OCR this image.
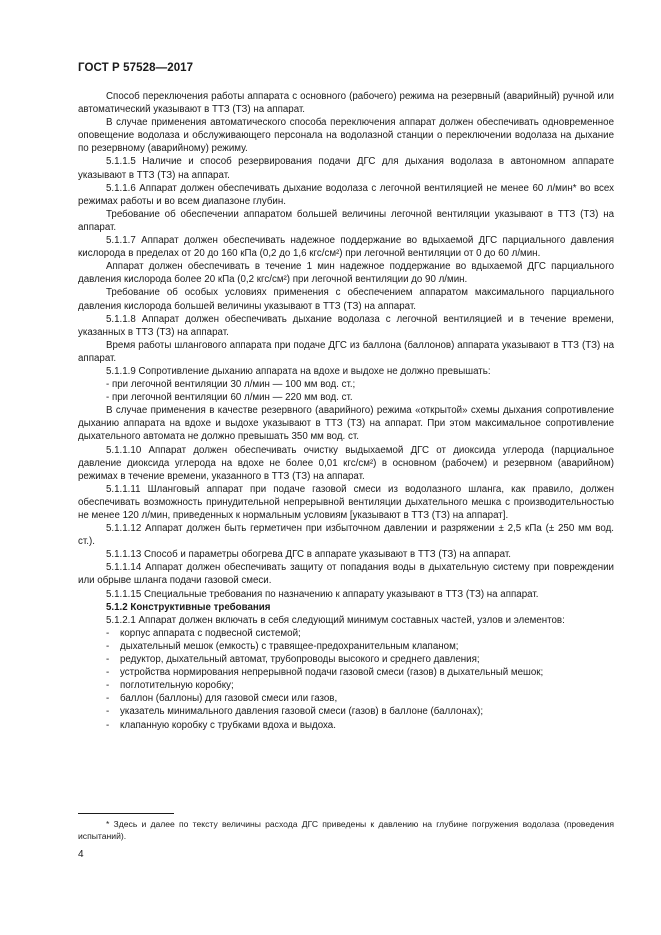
ГОСТ Р 57528—2017

Способ переключения работы аппарата с основного (рабочего) режима на резервный (аварийный) ручной или автоматический указывают в ТТЗ (ТЗ) на аппарат.

В случае применения автоматического способа переключения аппарат должен обеспечивать одновременное оповещение водолаза и обслуживающего персонала на водолазной станции о переключении водолаза на дыхание по резервному (аварийному) режиму.

5.1.1.5 Наличие и способ резервирования подачи ДГС для дыхания водолаза в автономном аппарате указывают в ТТЗ (ТЗ) на аппарат.

5.1.1.6 Аппарат должен обеспечивать дыхание водолаза с легочной вентиляцией не менее 60 л/мин* во всех режимах работы и во всем диапазоне глубин.

Требование об обеспечении аппаратом большей величины легочной вентиляции указывают в ТТЗ (ТЗ) на аппарат.

5.1.1.7 Аппарат должен обеспечивать надежное поддержание во вдыхаемой ДГС парциального давления кислорода в пределах от 20 до 160 кПа (0,2 до 1,6 кгс/см²) при легочной вентиляции от 0 до 60 л/мин.

Аппарат должен обеспечивать в течение 1 мин надежное поддержание во вдыхаемой ДГС парциального давления кислорода более 20 кПа (0,2 кгс/см²) при легочной вентиляции до 90 л/мин.

Требование об особых условиях применения с обеспечением аппаратом максимального парциального давления кислорода большей величины указывают в ТТЗ (ТЗ) на аппарат.

5.1.1.8 Аппарат должен обеспечивать дыхание водолаза с легочной вентиляцией и в течение времени, указанных в ТТЗ (ТЗ) на аппарат.

Время работы шлангового аппарата при подаче ДГС из баллона (баллонов) аппарата указывают в ТТЗ (ТЗ) на аппарат.

5.1.1.9 Сопротивление дыханию аппарата на вдохе и выдохе не должно превышать:

- при легочной вентиляции 30 л/мин — 100 мм вод. ст.;

- при легочной вентиляции 60 л/мин — 220 мм вод. ст.

В случае применения в качестве резервного (аварийного) режима «открытой» схемы дыхания сопротивление дыханию аппарата на вдохе и выдохе указывают в ТТЗ (ТЗ) на аппарат. При этом максимальное сопротивление дыхательного автомата не должно превышать 350 мм вод. ст.

5.1.1.10 Аппарат должен обеспечивать очистку выдыхаемой ДГС от диоксида углерода (парциальное давление диоксида углерода на вдохе не более 0,01 кгс/см²) в основном (рабочем) и резервном (аварийном) режимах в течение времени, указанного в ТТЗ (ТЗ) на аппарат.

5.1.1.11 Шланговый аппарат при подаче газовой смеси из водолазного шланга, как правило, должен обеспечивать возможность принудительной непрерывной вентиляции дыхательного мешка с производительностью не менее 120 л/мин, приведенных к нормальным условиям [указывают в ТТЗ (ТЗ) на аппарат].

5.1.1.12 Аппарат должен быть герметичен при избыточном давлении и разряжении ± 2,5 кПа (± 250 мм вод. ст.).

5.1.1.13 Способ и параметры обогрева ДГС в аппарате указывают в ТТЗ (ТЗ) на аппарат.

5.1.1.14 Аппарат должен обеспечивать защиту от попадания воды в дыхательную систему при повреждении или обрыве шланга подачи газовой смеси.

5.1.1.15 Специальные требования по назначению к аппарату указывают в ТТЗ (ТЗ) на аппарат.

5.1.2 Конструктивные требования

5.1.2.1 Аппарат должен включать в себя следующий минимум составных частей, узлов и элементов:

- корпус аппарата с подвесной системой;

- дыхательный мешок (емкость) с травящее-предохранительным клапаном;

- редуктор, дыхательный автомат, трубопроводы высокого и среднего давления;

- устройства нормирования непрерывной подачи газовой смеси (газов) в дыхательный мешок;

- поглотительную коробку;

- баллон (баллоны) для газовой смеси или газов,

- указатель минимального давления газовой смеси (газов) в баллоне (баллонах);

- клапанную коробку с трубками вдоха и выдоха.

* Здесь и далее по тексту величины расхода ДГС приведены к давлению на глубине погружения водолаза (проведения испытаний).
4
